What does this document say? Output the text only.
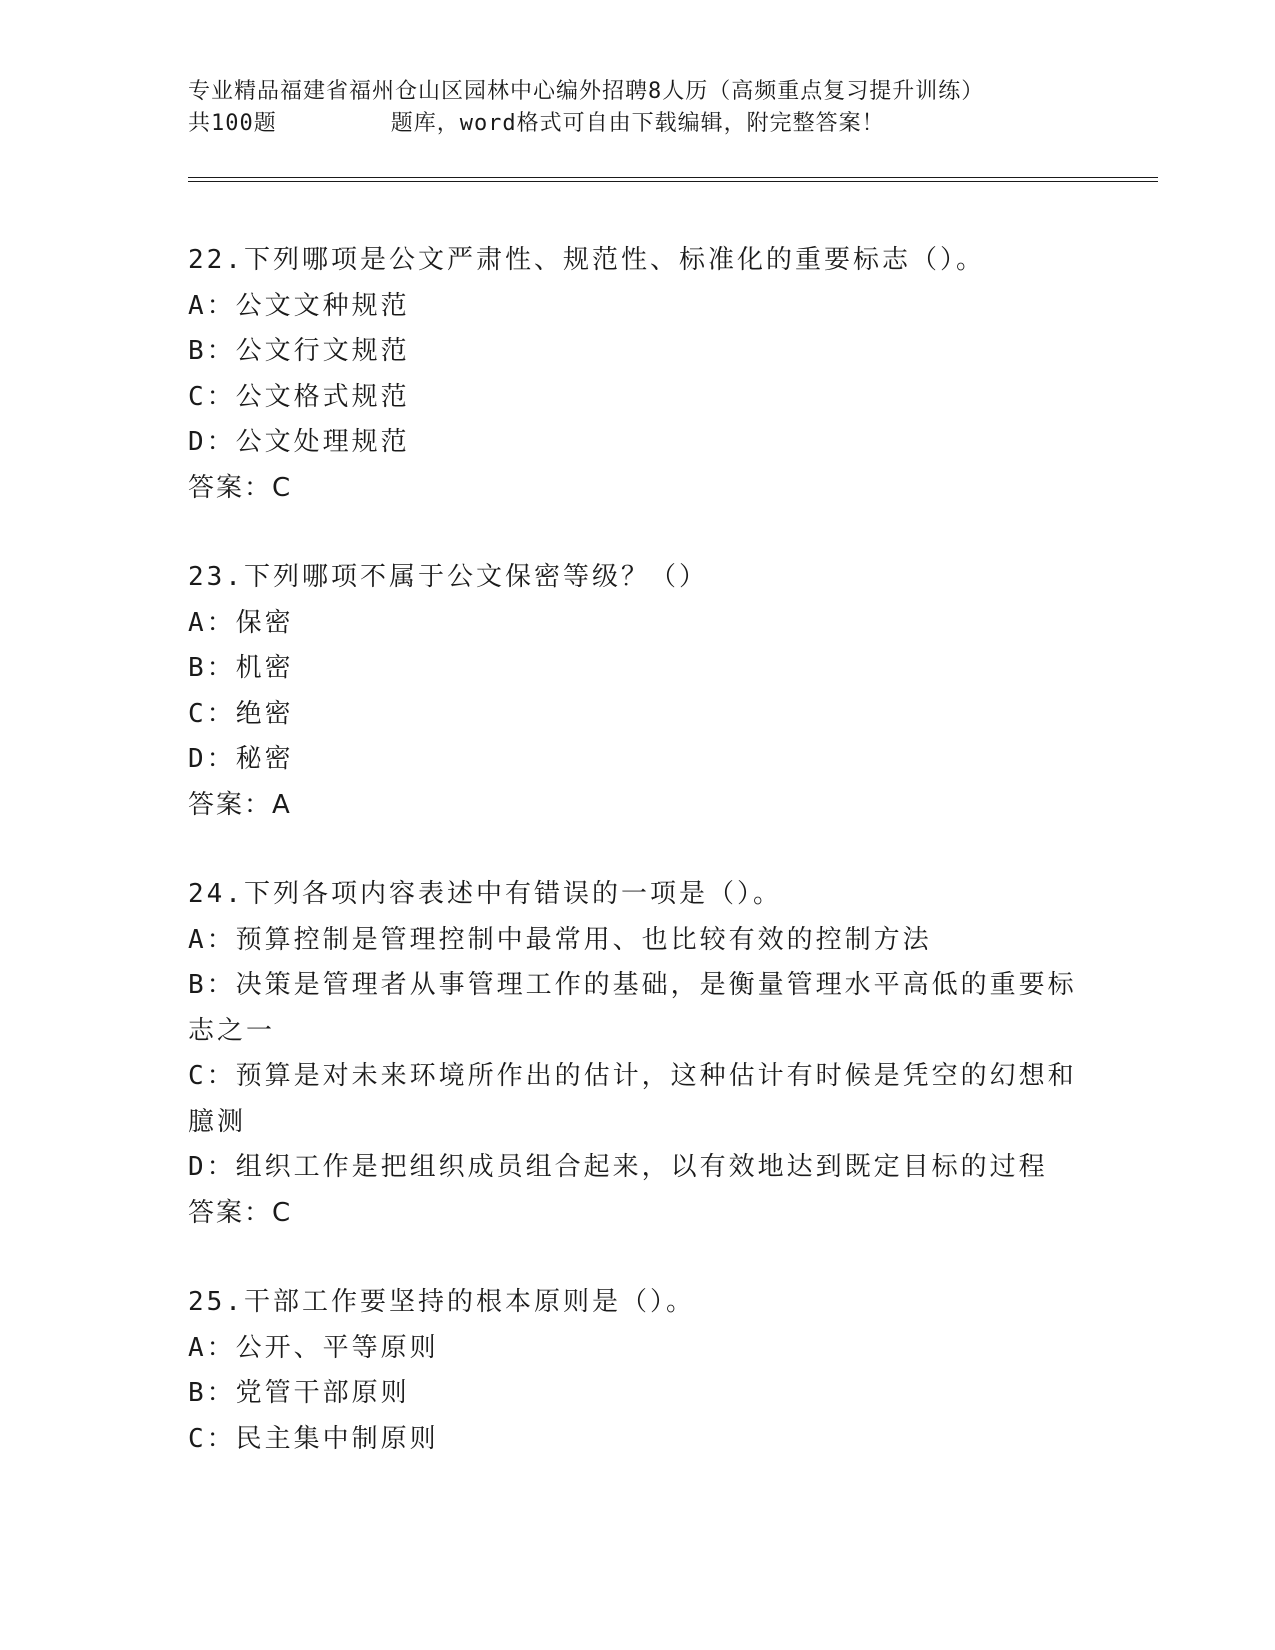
专业精品福建省福州仓山区园林中心编外招聘8人历（高频重点复习提升训练）
共100题        题库，word格式可自由下载编辑，附完整答案！
22.下列哪项是公文严肃性、规范性、标准化的重要标志（）。
A：公文文种规范
B：公文行文规范
C：公文格式规范
D：公文处理规范
答案：C
23.下列哪项不属于公文保密等级？（）
A：保密
B：机密
C：绝密
D：秘密
答案：A
24.下列各项内容表述中有错误的一项是（）。
A：预算控制是管理控制中最常用、也比较有效的控制方法
B：决策是管理者从事管理工作的基础，是衡量管理水平高低的重要标志之一
C：预算是对未来环境所作出的估计，这种估计有时候是凭空的幻想和臆测
D：组织工作是把组织成员组合起来，以有效地达到既定目标的过程
答案：C
25.干部工作要坚持的根本原则是（）。
A：公开、平等原则
B：党管干部原则
C：民主集中制原则
